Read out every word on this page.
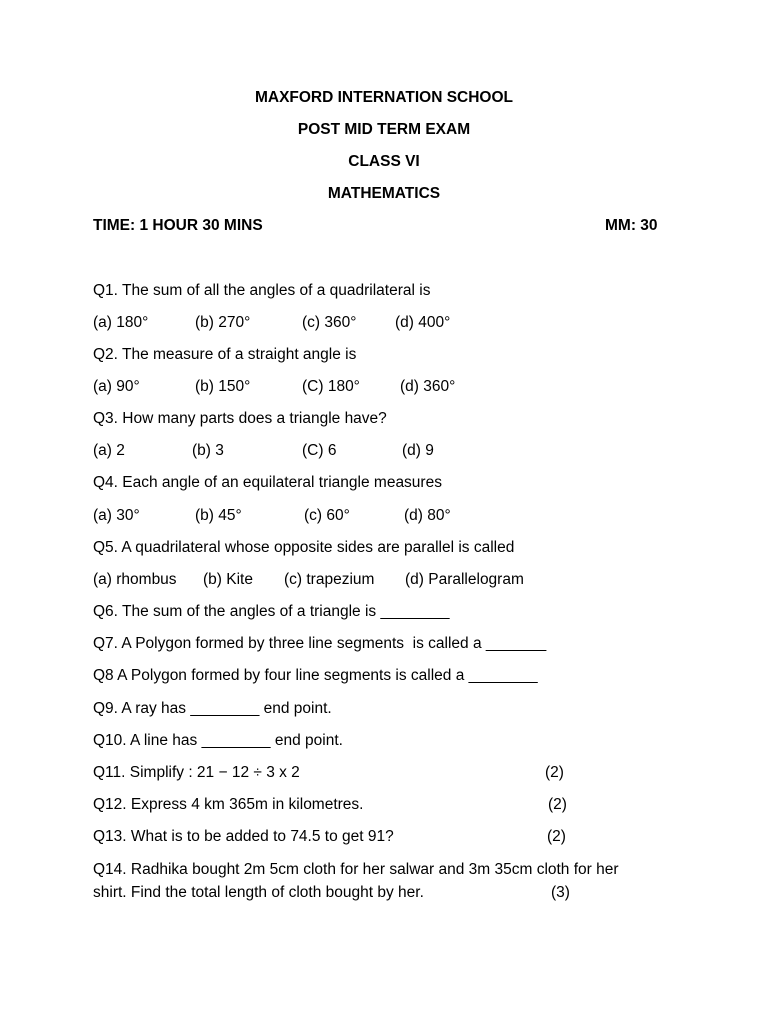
MAXFORD INTERNATION SCHOOL
POST MID TERM EXAM
CLASS VI
MATHEMATICS
TIME: 1 HOUR 30 MINS	MM: 30
Q1. The sum of all the angles of a quadrilateral is
(a) 180°	(b) 270°	(c) 360° (d) 400°
Q2. The measure of a straight angle is
(a) 90°	(b) 150°	(C) 180°	(d) 360°
Q3. How many parts does a triangle have?
(a) 2	(b) 3	(C) 6	(d) 9
Q4. Each angle of an equilateral triangle measures
(a) 30°	(b) 45°	(c) 60°	(d) 80°
Q5. A quadrilateral whose opposite sides are parallel is called
(a) rhombus (b) Kite (c) trapezium (d) Parallelogram
Q6. The sum of the angles of a triangle is ________
Q7. A Polygon formed by three line segments  is called a _______
Q8 A Polygon formed by four line segments is called a ________
Q9. A ray has ________ end point.
Q10. A line has ________ end point.
Q11. Simplify : 21 − 12 ÷ 3 x 2	(2)
Q12. Express 4 km 365m in kilometres.	(2)
Q13. What is to be added to 74.5 to get 91?	(2)
Q14. Radhika bought 2m 5cm cloth for her salwar and 3m 35cm cloth for her
shirt. Find the total length of cloth bought by her.	(3)
